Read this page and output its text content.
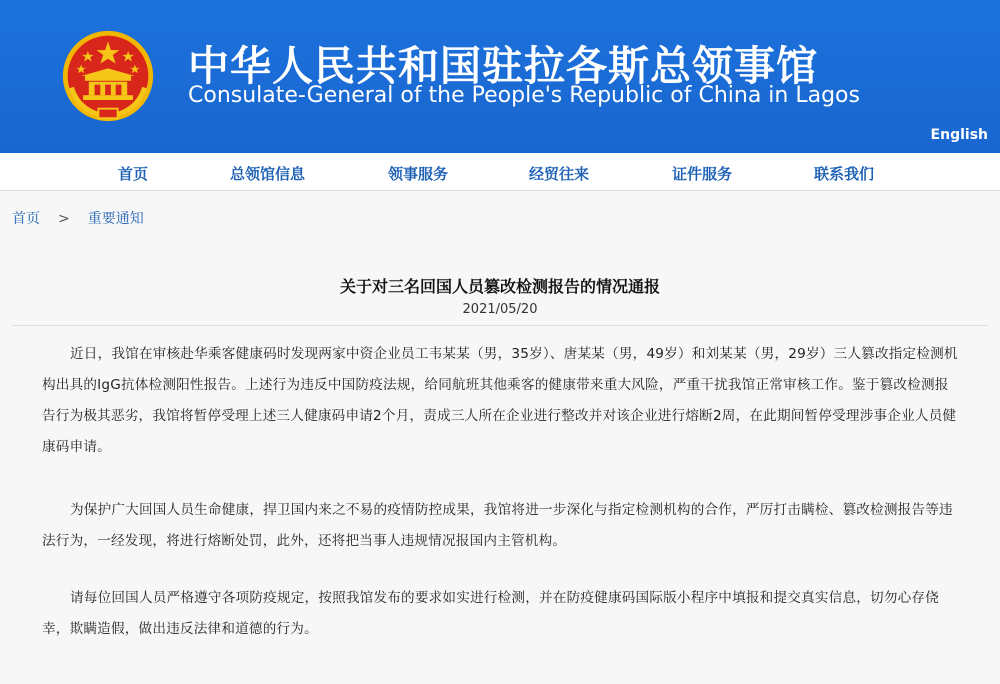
中华人民共和国驻拉各斯总领事馆
Consulate-General of the People's Republic of China in Lagos
English
首页	总领馆信息	领事服务	经贸往来	证件服务	联系我们
首页 > 重要通知
关于对三名回国人员篡改检测报告的情况通报
2021/05/20
近日，我馆在审核赴华乘客健康码时发现两家中资企业员工韦某某（男，35岁）、唐某某（男，49岁）和刘某某（男，29岁）三人篡改指定检测机构出具的IgG抗体检测阳性报告。上述行为违反中国防疫法规，给同航班其他乘客的健康带来重大风险，严重干扰我馆正常审核工作。鉴于篡改检测报告行为极其恶劣，我馆将暂停受理上述三人健康码申请2个月，责成三人所在企业进行整改并对该企业进行熔断2周，在此期间暂停受理涉事企业人员健康码申请。
为保护广大回国人员生命健康，捍卫国内来之不易的疫情防控成果，我馆将进一步深化与指定检测机构的合作，严厉打击瞒检、篡改检测报告等违法行为，一经发现，将进行熔断处罚，此外，还将把当事人违规情况报国内主管机构。
请每位回国人员严格遵守各项防疫规定，按照我馆发布的要求如实进行检测，并在防疫健康码国际版小程序中填报和提交真实信息，切勿心存侥幸，欺瞒造假，做出违反法律和道德的行为。
